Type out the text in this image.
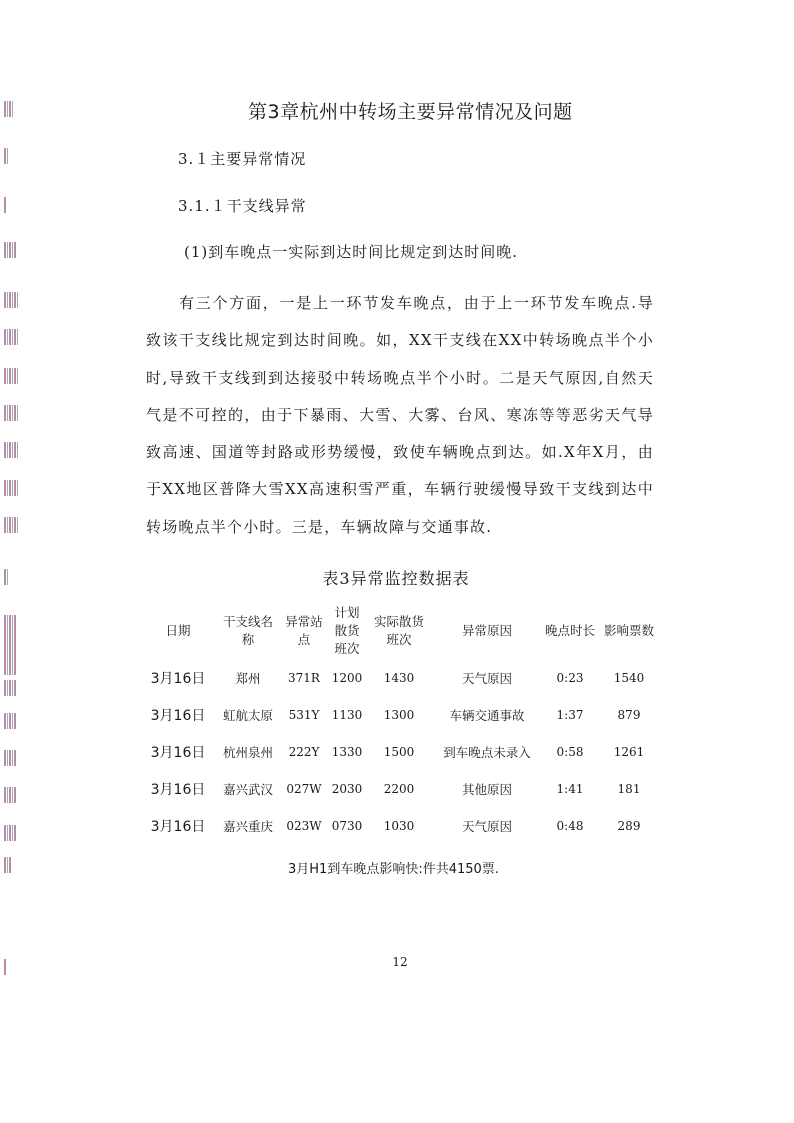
第3章杭州中转场主要异常情况及问题
3.１主要异常情况
3.1.１干支线异常
(1)到车晚点一实际到达时间比规定到达时间晚.

有三个方面，一是上一环节发车晚点，由于上一环节发车晚点.导致该干支线比规定到达时间晚。如，XX干支线在XX中转场晚点半个小时,导致干支线到到达接驳中转场晚点半个小时。二是天气原因,自然天气是不可控的，由于下暴雨、大雪、大雾、台风、寒冻等等恶劣天气导致高速、国道等封路或形势缓慢，致使车辆晚点到达。如.X年X月，由于XX地区普降大雪XX高速积雪严重，车辆行驶缓慢导致干支线到达中转场晚点半个小时。三是，车辆故障与交通事故.

表3异常监控数据表
日期	干支线名称	异常站点	计划散货班次	实际散货班次	异常原因	晚点时长	影响票数
3月16日	郑州	371R	1200	1430	天气原因	0:23	1540
3月16日	虹航太原	531Y	1130	1300	车辆交通事故	1:37	879
3月16日	杭州泉州	222Y	1330	1500	到车晚点未录入	0:58	1261
3月16日	嘉兴武汉	027W	2030	2200	其他原因	1:41	181
3月16日	嘉兴重庆	023W	0730	1030	天气原因	0:48	289
3月H1到车晚点影响快:件共4150票.
12
